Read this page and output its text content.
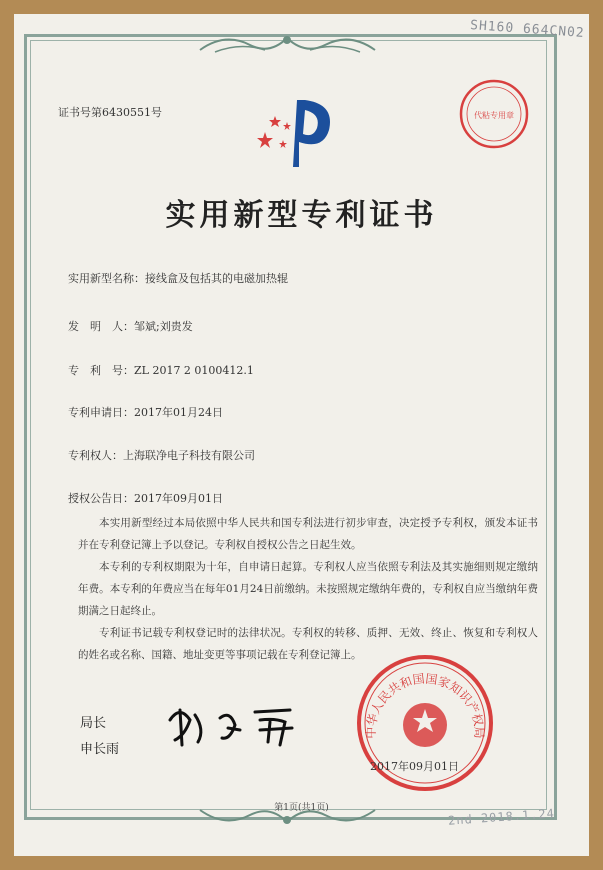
SH160 664CN02
证书号第6430551号	代粘专用章
实用新型专利证书
实用新型名称：接线盒及包括其的电磁加热辊
发　明　人：邹斌;刘贵发
专　利　号：ZL 2017 2 0100412.1
专利申请日：2017年01月24日
专利权人：上海联净电子科技有限公司
授权公告日：2017年09月01日

本实用新型经过本局依照中华人民共和国专利法进行初步审查，决定授予专利权，颁发本证书并在专利登记簿上予以登记。专利权自授权公告之日起生效。

本专利的专利权期限为十年，自申请日起算。专利权人应当依照专利法及其实施细则规定缴纳年费。本专利的年费应当在每年01月24日前缴纳。未按照规定缴纳年费的，专利权自应当缴纳年费期满之日起终止。

专利证书记载专利权登记时的法律状况。专利权的转移、质押、无效、终止、恢复和专利权人的姓名或名称、国籍、地址变更等事项记载在专利登记簿上。

局长
申长雨
中华人民共和国国家知识产权局
2017年09月01日
第1页(共1页)	2nd 2018.1.24
